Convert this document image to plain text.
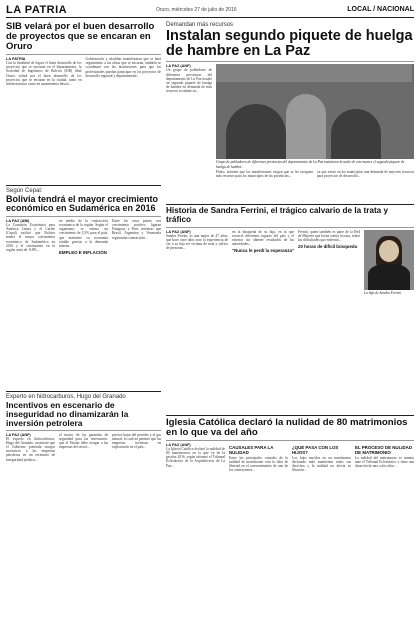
LA PATRIA	Oruro, miércoles 27 de julio de 2016	LOCAL / NACIONAL
SIB velará por el buen desarrollo de proyectos que se encaran en Oruro
LA PATRIA
Con la finalidad de lograr el buen desarrollo de los proyectos que se ejecutan en el departamento, la Sociedad de Ingenieros de Bolivia (SIB) filial Oruro, velará por el buen desarrollo de los proyectos que se encaran en la ciudad, tanto en infraestructura como en saneamiento básico...
Gobernación y alcaldías manifestaron que se hará seguimiento a las obras que se encaran, también se coordinará con las instituciones para que los profesionales puedan participar en los proyectos de desarrollo regional y departamental...
Según Cepal:
Bolivia tendrá el mayor crecimiento económico en Sudamérica en 2016
LA PAZ (ABI)
La Comisión Económica para América Latina y el Caribe (Cepal) ratificó que Bolivia tendrá el mayor crecimiento económico de Sudamérica en 2016 y el crecimiento en la región sería de -0,8%...
en medio de la contracción económica de la región. Según el organismo, se estima un crecimiento de 3,5% para el país, que mantiene su economía estable gracias a la demanda interna...
EMPLEO E INFLACIÓN
Entre los otros países con crecimiento positivo figuran Paraguay y Perú, mientras que Brasil, Argentina y Venezuela registrarán contracción...
Experto en hidrocarburos, Hugo del Granado
Incentivos en escenario de inseguridad no dinamizarán la inversión petrolera
LA PAZ (ANF)
El experto en hidrocarburos, Hugo del Granado, cuestionó que el Gobierno pretenda otorgar incentivos a las empresas petroleras en un escenario de inseguridad jurídica...
el marco de las garantías de seguridad para las inversiones, que el Estado debe otorgar a las empresas del sector...
precios bajos del petróleo y el gas natural, lo cual no permite que las empresas inviertan en exploración en el país...
Demandan más recursos
Instalan segundo piquete de huelga de hambre en La Paz
LA PAZ (ANF)
Un grupo de pobladores de diferentes provincias del departamento de La Paz instaló un segundo piquete de huelga de hambre en demanda de más recursos económicos...
Grupo de pobladores de diferentes provincias del departamento de La Paz instalaron la tarde de este martes el segundo piquete de huelga de hambre.
Pedro, informó que los manifestantes exigen que se les otorguen más recursos para los municipios de las provincias...
ya que existe en los municipios una demanda de mayores recursos para proyectos de desarrollo...
Historia de Sandra Ferrini, el trágico calvario de la trata y tráfico
LA PAZ (ANF)
Sandra Ferrini, es una mujer de 47 años, que hace once años tuvo la experiencia de ver a su hija ser víctima de trata y tráfico de personas...
en la búsqueda de su hija, en la que recorrió diferentes lugares del país y el exterior sin obtener resultados de las autoridades...
"Nunca le perdí la esperanza"
Ferrini, quien también es parte de la Red de Mujeres que lucha contra la trata, relató las dificultades que enfrentó...
20 horas de difícil búsqueda
La hija de Sandra Ferrini
Iglesia Católica declaró la nulidad de 80 matrimonios en lo que va del año
LA PAZ (ANF)
La Iglesia Católica declaró la nulidad de 80 matrimonios en lo que va de la gestión 2016, según informó el Tribunal Eclesiástico de la Arquidiócesis de La Paz...
CAUSALES PARA LA NULIDAD
Entre las principales causales de la nulidad de matrimonio está la falta de libertad en el consentimiento de uno de los contrayentes...
¿QUÉ PASA CON LOS HIJOS?
Los hijos nacidos en un matrimonio declarado nulo mantienen todos sus derechos y la nulidad no afecta su filiación...
EL PROCESO DE NULIDAD DE MATRIMONIO
La nulidad del matrimonio se tramita ante el Tribunal Eclesiástico y tiene una duración de uno a dos años...
